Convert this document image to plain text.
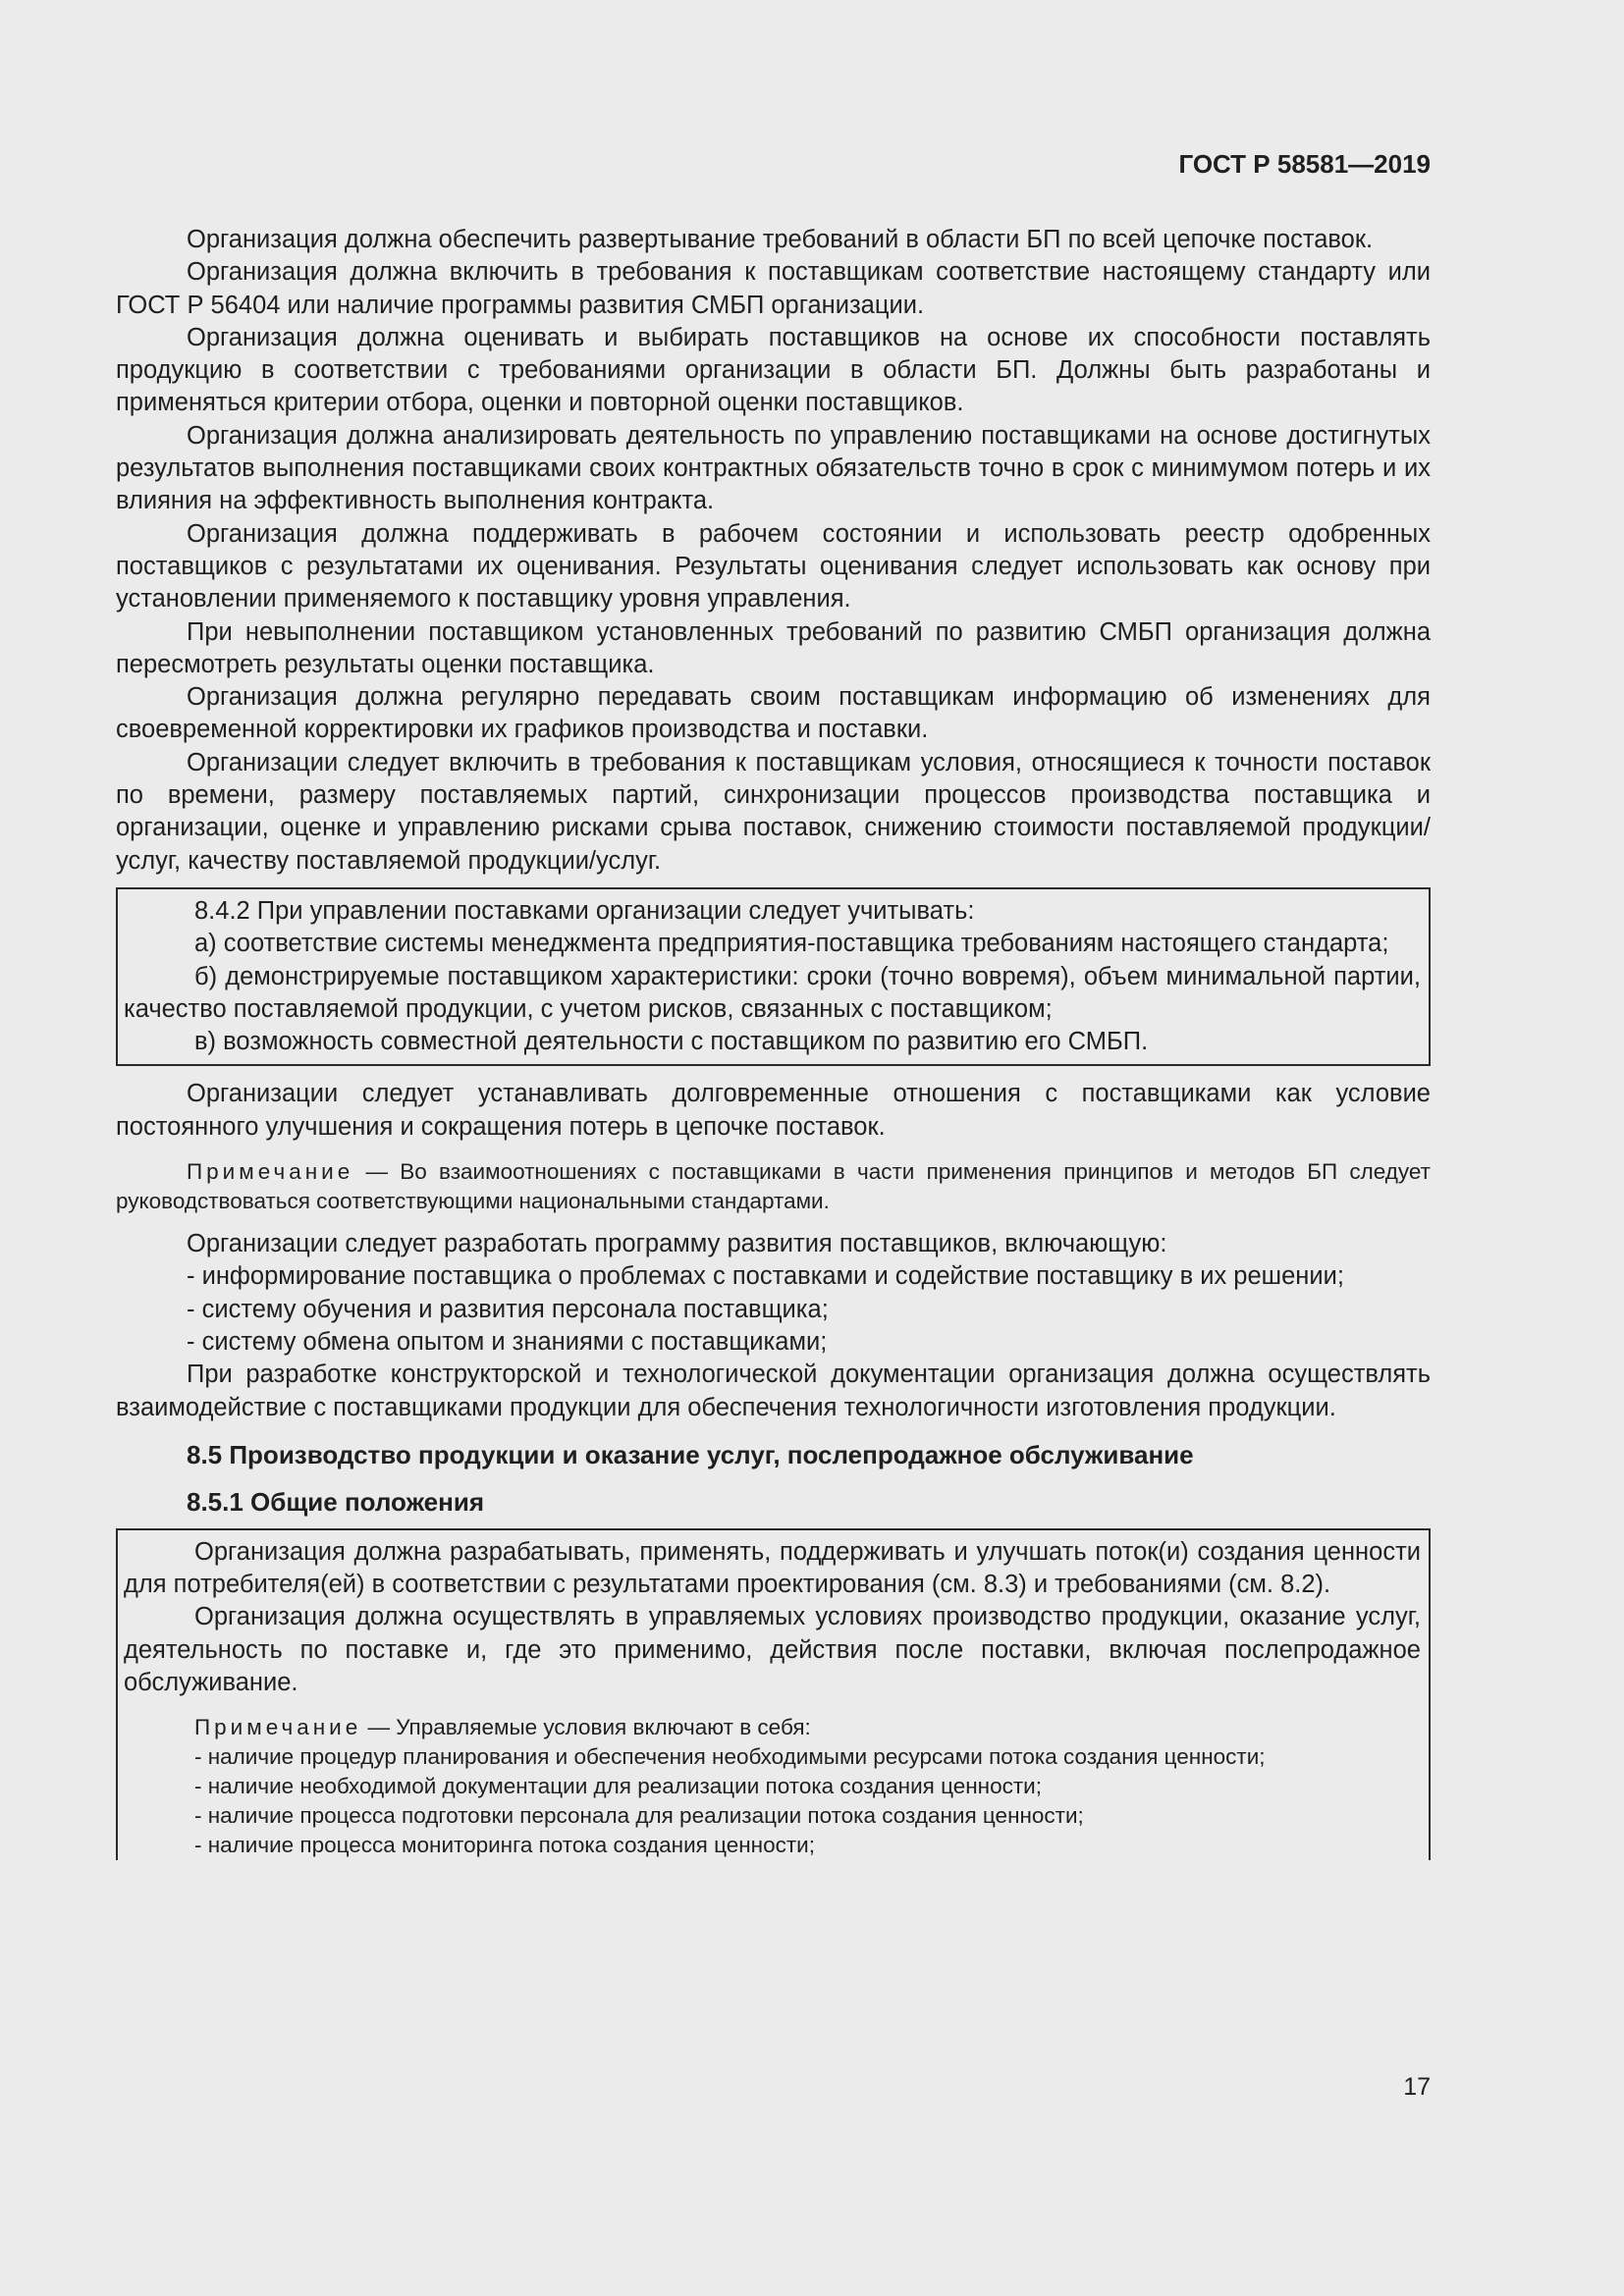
ГОСТ Р 58581—2019

Организация должна обеспечить развертывание требований в области БП по всей цепочке поставок.

Организация должна включить в требования к поставщикам соответствие настоящему стандарту или ГОСТ Р 56404 или наличие программы развития СМБП организации.

Организация должна оценивать и выбирать поставщиков на основе их способности поставлять продукцию в соответствии с требованиями организации в области БП. Должны быть разработаны и применяться критерии отбора, оценки и повторной оценки поставщиков.

Организация должна анализировать деятельность по управлению поставщиками на основе достигнутых результатов выполнения поставщиками своих контрактных обязательств точно в срок с минимумом потерь и их влияния на эффективность выполнения контракта.

Организация должна поддерживать в рабочем состоянии и использовать реестр одобренных поставщиков с результатами их оценивания. Результаты оценивания следует использовать как основу при установлении применяемого к поставщику уровня управления.

При невыполнении поставщиком установленных требований по развитию СМБП организация должна пересмотреть результаты оценки поставщика.

Организация должна регулярно передавать своим поставщикам информацию об изменениях для своевременной корректировки их графиков производства и поставки.

Организации следует включить в требования к поставщикам условия, относящиеся к точности поставок по времени, размеру поставляемых партий, синхронизации процессов производства поставщика и организации, оценке и управлению рисками срыва поставок, снижению стоимости поставляемой продукции/услуг, качеству поставляемой продукции/услуг.

8.4.2 При управлении поставками организации следует учитывать:

а) соответствие системы менеджмента предприятия-поставщика требованиям настоящего стандарта;

б) демонстрируемые поставщиком характеристики: сроки (точно вовремя), объем минимальной партии, качество поставляемой продукции, с учетом рисков, связанных с поставщиком;

в) возможность совместной деятельности с поставщиком по развитию его СМБП.

Организации следует устанавливать долговременные отношения с поставщиками как условие постоянного улучшения и сокращения потерь в цепочке поставок.

Примечание — Во взаимоотношениях с поставщиками в части применения принципов и методов БП следует руководствоваться соответствующими национальными стандартами.

Организации следует разработать программу развития поставщиков, включающую:

- информирование поставщика о проблемах с поставками и содействие поставщику в их решении;

- систему обучения и развития персонала поставщика;

- систему обмена опытом и знаниями с поставщиками;

При разработке конструкторской и технологической документации организация должна осуществлять взаимодействие с поставщиками продукции для обеспечения технологичности изготовления продукции.

8.5 Производство продукции и оказание услуг, послепродажное обслуживание
8.5.1 Общие положения

Организация должна разрабатывать, применять, поддерживать и улучшать поток(и) создания ценности для потребителя(ей) в соответствии с результатами проектирования (см. 8.3) и требованиями (см. 8.2).

Организация должна осуществлять в управляемых условиях производство продукции, оказание услуг, деятельность по поставке и, где это применимо, действия после поставки, включая послепродажное обслуживание.

Примечание — Управляемые условия включают в себя:

- наличие процедур планирования и обеспечения необходимыми ресурсами потока создания ценности;

- наличие необходимой документации для реализации потока создания ценности;

- наличие процесса подготовки персонала для реализации потока создания ценности;

- наличие процесса мониторинга потока создания ценности;

17
